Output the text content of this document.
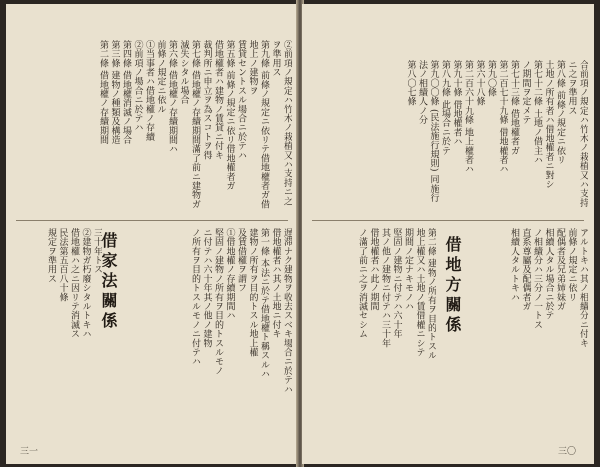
②前項ノ規定ハ竹木ノ栽植又ハ支持ニ之ヲ準用ス
第九條 前條ノ規定ニ依リテ借地權者ガ借地上ノ建物ヲ
賃貸セントスル場合ニ於テハ
第五條 前條ノ規定ニ依リ借地權者ガ
借地權者ハ建物ノ賃貸ニ付キ
裁判所ニ申立ヲ為スコトヲ得
第七條 借地權ノ存續期間滿了前ニ建物ガ滅失シタル場合
第六條 借地權ノ存續期間ハ
前條ノ規定ニ依ル
①当事者ハ借地權ノ存續
②前項ノ場合ニ於テハ
第四條 借地權消滅ノ場合
第三條 建物ノ種類及構造
第二條 借地權ノ存續期間
借家法關係	遅滞ナク建物ヲ收去スベキ場合ニ於テハ
借地權者ハ其ノ土地ニ付キ
第一條 本法ニ於テ借地權ト稱スルハ
建物ノ所有ヲ目的トスル地上權
及賃借權ヲ謂フ
①借地權ノ存續期間ハ
堅固ノ建物ノ所有ヲ目的トスルモノ
ニ付テハ六十年其ノ他ノ建物
ノ所有ヲ目的トスルモノニ付テハ
三十年トス
②建物ガ朽廢シタルトキハ
借地權ハ之ニ因リテ消滅ス
民法第五百八十條
規定ヲ準用ス
三一
合前項ノ規定ハ竹木ノ栽植又ハ支持ニ之ヲ準用ス
第八條 前條ノ規定ニ依リ
土地ノ所有者ハ借地權者ニ對シ
第七十二條 土地ノ借主ハ
ノ期間ヲ定メテ
第七十三條 借地權者ガ
第二百七十九條 借地權者ハ
第九〇條
第六十八條
第二百六十九條 地上權者ハ
第九十條 借地權者ハ
第八九條 此場合ニ於テ
第九〇〇條 (民法施行規則) 同施行法ノ相續人ノ分
第八〇七條
アルトキハ其ノ相續分ニ付キ
前條ノ規定ニ依リ
配偶者及兄弟姉妹ガ
相續人タル場合ニ於テ
ノ相續分ハ三分ノ一トス
直系尊屬及配偶者ガ
相續人タルトキハ
借地方關係
第二條 建物ノ所有ヲ目的トスル
地上權又ハ土地ノ賃借權ニシテ
期間ノ定ナキモノハ
堅固ノ建物ニ付テハ六十年
其ノ他ノ建物ニ付テハ三十年
借地權者ハ此ノ期間
ノ滿了前ニ之ヲ消滅セシム
三〇
